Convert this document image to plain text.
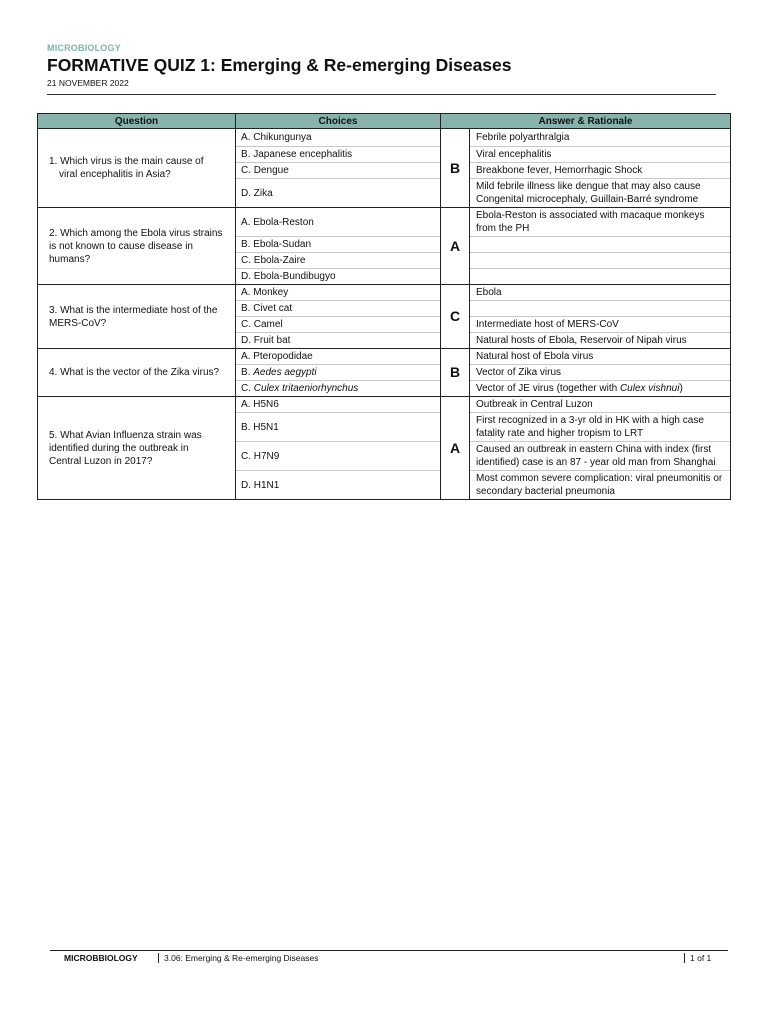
MICROBIOLOGY
FORMATIVE QUIZ 1: Emerging & Re-emerging Diseases
21 NOVEMBER 2022
Question	Choices	Answer & Rationale	

1. Which virus is the main cause of
viral encephalitis in Asia?	A. Chikungunya	B	Febrile polyarthralgia
	B. Japanese encephalitis		Viral encephalitis
	C. Dengue		Breakbone fever, Hemorrhagic Shock
	D. Zika		Mild febrile illness like dengue that may also cause Congenital microcephaly, Guillain-Barré syndrome
2. Which among the Ebola virus strains is not known to cause disease in humans?	A. Ebola-Reston	A	Ebola-Reston is associated with macaque monkeys from the PH
	B. Ebola-Sudan		
	C. Ebola-Zaire		
	D. Ebola-Bundibugyo		
3. What is the intermediate host of the MERS-CoV?	A. Monkey	C	Ebola
	B. Civet cat		
	C. Camel		Intermediate host of MERS-CoV
	D. Fruit bat		Natural hosts of Ebola, Reservoir of Nipah virus
4. What is the vector of the Zika virus?	A. Pteropodidae	B	Natural host of Ebola virus
	B. Aedes aegypti		Vector of Zika virus
	C. Culex tritaeniorhynchus		Vector of JE virus (together with Culex vishnui)
5. What Avian Influenza strain was identified during the outbreak in Central Luzon in 2017?	A. H5N6	A	Outbreak in Central Luzon
	B. H5N1		First recognized in a 3-yr old in HK with a high case fatality rate and higher tropism to LRT
	C. H7N9		Caused an outbreak in eastern China with index (first identified) case is an 87 - year old man from Shanghai
	D. H1N1		Most common severe complication: viral pneumonitis or secondary bacterial pneumonia
MICROBBIOLOGY	3.06: Emerging & Re-emerging Diseases	1 of 1
